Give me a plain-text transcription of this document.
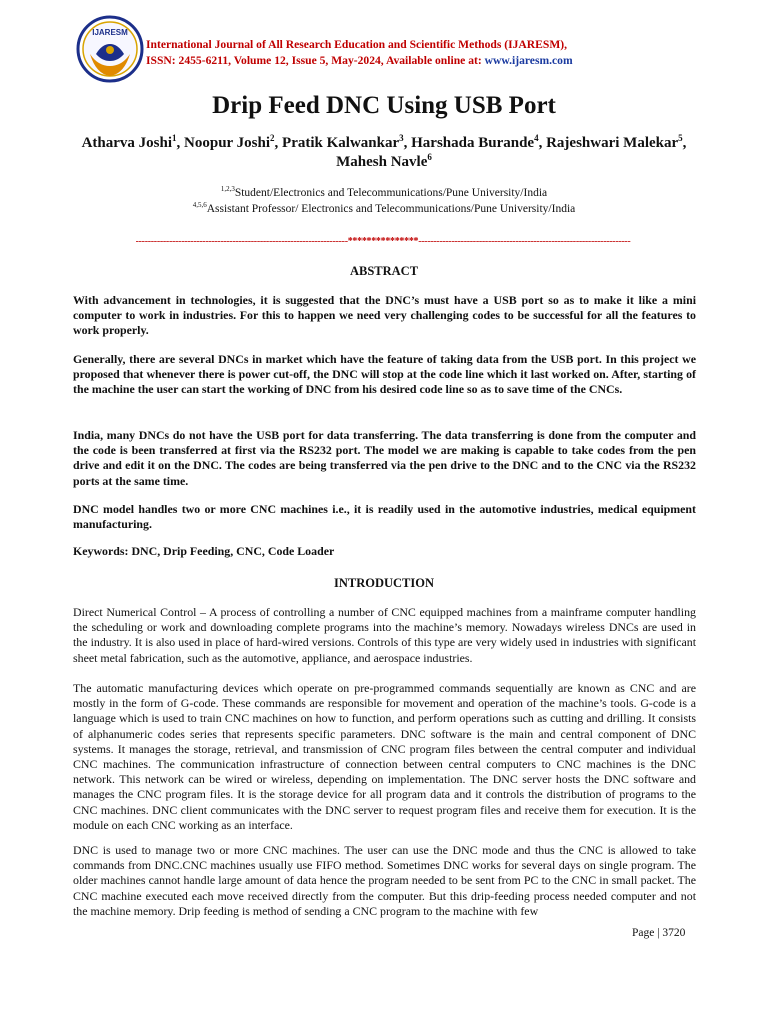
IJARESM
International Journal of All Research Education and Scientific Methods (IJARESM),
ISSN: 2455-6211, Volume 12, Issue 5, May-2024, Available online at: www.ijaresm.com
Drip Feed DNC Using USB Port
Atharva Joshi$^1$, Noopur Joshi$^2$, Pratik Kalwankar$^3$, Harshada Burande$^4$, Rajeshwari Malekar$^5$,
Mahesh Navle$^6$
$^{1,2,3}$Student/Electronics and Telecommunications/Pune University/India
$^{4,5,6}$Assistant Professor/ Electronics and Telecommunications/Pune University/India
----------------------------------------------------------------------***************----------------------------------------------------------------------
ABSTRACT

With advancement in technologies, it is suggested that the DNC’s must have a USB port so as to make it like a mini computer to work in industries. For this to happen we need very challenging codes to be successful for all the features to work properly.

Generally, there are several DNCs in market which have the feature of taking data from the USB port. In this project we proposed that whenever there is power cut-off, the DNC will stop at the code line which it last worked on. After, starting of the machine the user can start the working of DNC from his desired code line so as to save time of the CNCs.

India, many DNCs do not have the USB port for data transferring. The data transferring is done from the computer and the code is been transferred at first via the RS232 port. The model we are making is capable to take codes from the pen drive and edit it on the DNC. The codes are being transferred via the pen drive to the DNC and to the CNC via the RS232 ports at the same time.

DNC model handles two or more CNC machines i.e., it is readily used in the automotive industries, medical equipment manufacturing.

Keywords: DNC, Drip Feeding, CNC, Code Loader

INTRODUCTION

Direct Numerical Control – A process of controlling a number of CNC equipped machines from a mainframe computer handling the scheduling or work and downloading complete programs into the machine’s memory. Nowadays wireless DNCs are used in the industry. It is also used in place of hard-wired versions. Controls of this type are very widely used in industries with significant sheet metal fabrication, such as the automotive, appliance, and aerospace industries.

The automatic manufacturing devices which operate on pre-programmed commands sequentially are known as CNC and are mostly in the form of G-code. These commands are responsible for movement and operation of the machine’s tools. G-code is a language which is used to train CNC machines on how to function, and perform operations such as cutting and drilling. It consists of alphanumeric codes series that represents specific parameters. DNC software is the main and central component of DNC systems. It manages the storage, retrieval, and transmission of CNC program files between the central computer and individual CNC machines. The communication infrastructure of connection between central computers to CNC machines is the DNC network. This network can be wired or wireless, depending on implementation. The DNC server hosts the DNC software and manages the CNC program files. It is the storage device for all program data and it controls the distribution of programs to the CNC machines. DNC client communicates with the DNC server to request program files and receive them for execution. It is the module on each CNC working as an interface.

DNC is used to manage two or more CNC machines. The user can use the DNC mode and thus the CNC is allowed to take commands from DNC.CNC machines usually use FIFO method. Sometimes DNC works for several days on single program. The older machines cannot handle large amount of data hence the program needed to be sent from PC to the CNC in small packet. The CNC machine executed each move received directly from the computer. But this drip-feeding process needed computer and not the machine memory. Drip feeding is method of sending a CNC program to the machine with few

Page | 3720
